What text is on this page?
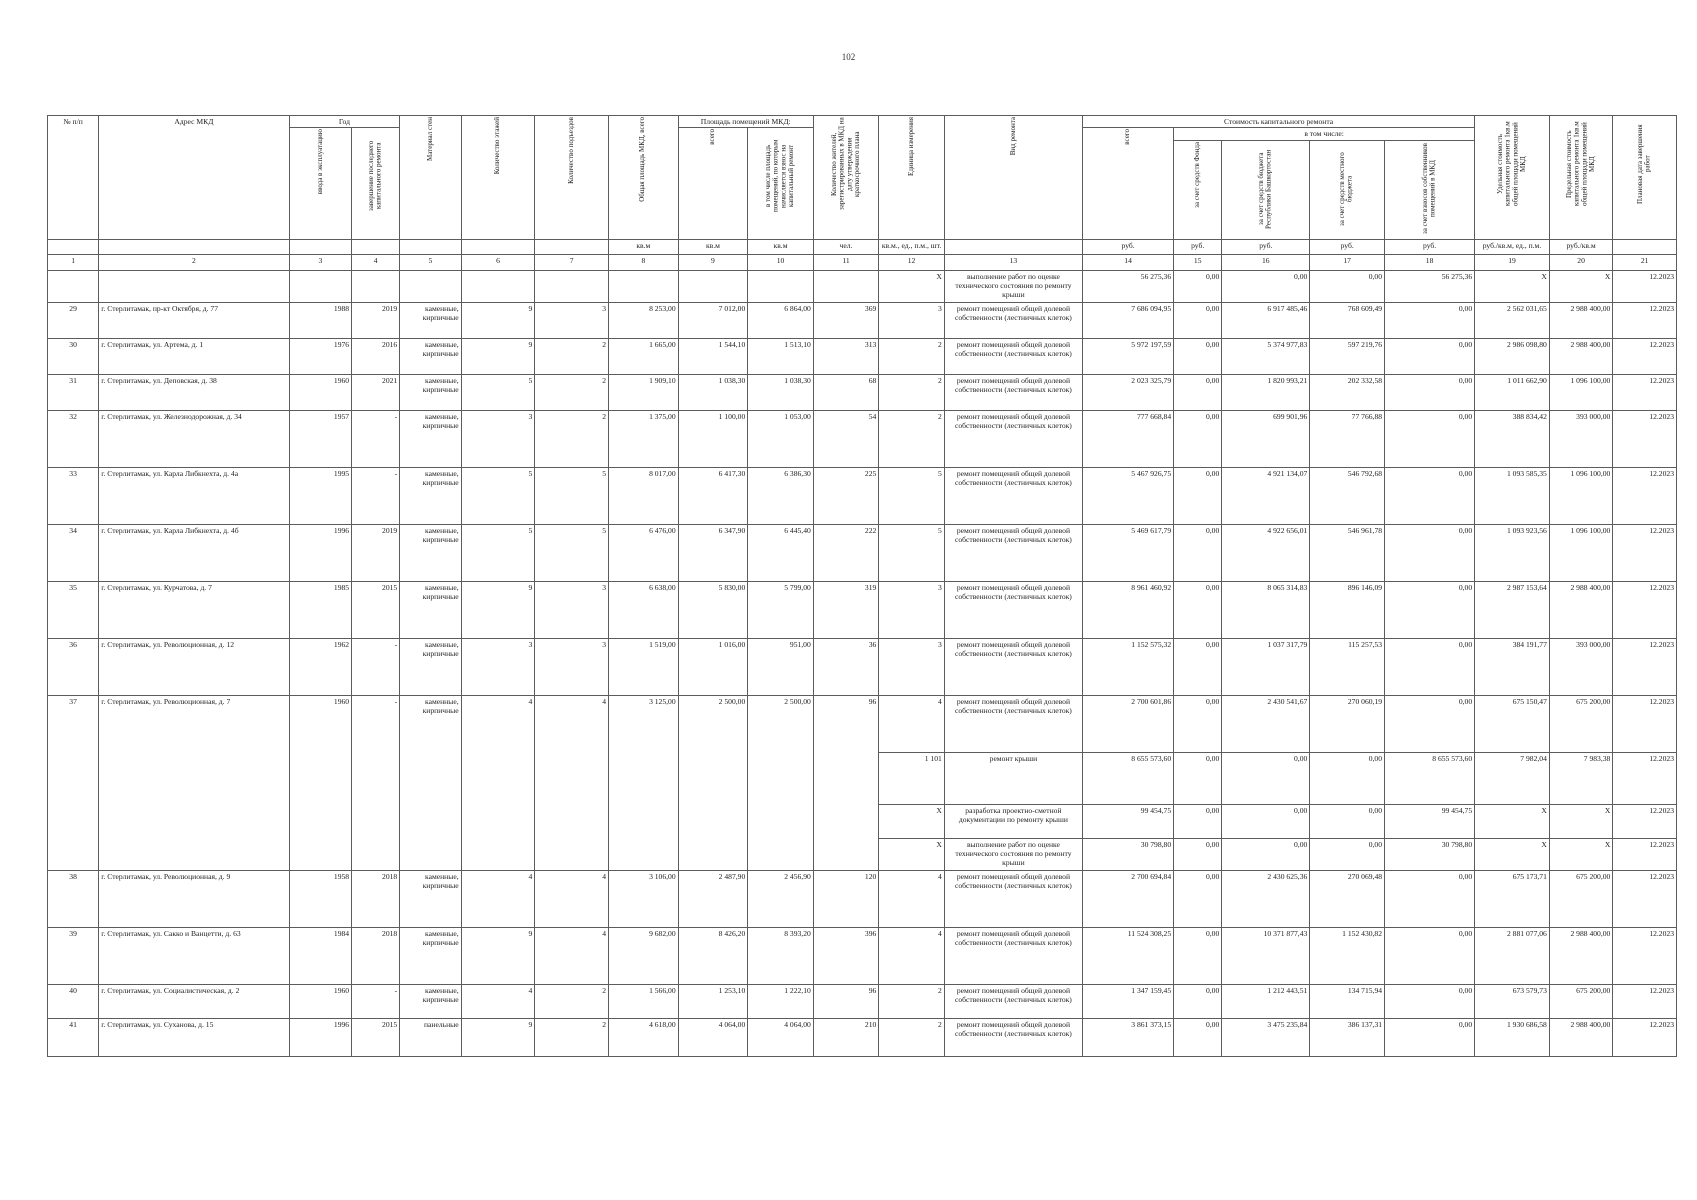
102
№ п/п	Адрес МКД	Год		Материал стен	Количество этажей	Количество подъездов	Общая площадь МКД, всего	Площадь помещений МКД:		Количество жителей, зарегистрированных в МКД на дату утверждения краткосрочного плана	Единица измерения	Вид ремонта	Стоимость капитального ремонта					Удельная стоимость капитального ремонта 1кв.м общей площади помещений МКД	Предельная стоимость капитального ремонта 1кв.м общей площади помещений МКД	Плановая дата завершения работ
		ввода в эксплуатацию	завершение последнего капитального ремонта					всего	в том числе площадь помещений, по которым начисляется взнос на капитальный ремонт				всего	в том числе:						
														за счет средств Фонда	за счет средств бюджета Республики Башкортостан	за счет средств местного бюджета	за счет взносов собственников помещений в МКД			
							кв.м	кв.м	кв.м	чел.	кв.м., ед., п.м., шт.		руб.	руб.	руб.	руб.	руб.	руб./кв.м, ед., п.м.	руб./кв.м	
1	2	3	4	5	6	7	8	9	10	11	12	13	14	15	16	17	18	19	20	21
											X	выполнение работ по оценке технического состояния по ремонту крыши	56 275,36	0,00	0,00	0,00	56 275,36	X	X	12.2023
29	г. Стерлитамак, пр-кт Октября, д. 77	1988	2019	каменные, кирпичные	9	3	8 253,00	7 012,00	6 864,00	369	3	ремонт помещений общей долевой собственности (лестничных клеток)	7 686 094,95	0,00	6 917 485,46	768 609,49	0,00	2 562 031,65	2 988 400,00	12.2023
30	г. Стерлитамак, ул. Артема, д. 1	1976	2016	каменные, кирпичные	9	2	1 665,00	1 544,10	1 513,10	313	2	ремонт помещений общей долевой собственности (лестничных клеток)	5 972 197,59	0,00	5 374 977,83	597 219,76	0,00	2 986 098,80	2 988 400,00	12.2023
31	г. Стерлитамак, ул. Деповская, д. 38	1960	2021	каменные, кирпичные	5	2	1 909,10	1 038,30	1 038,30	68	2	ремонт помещений общей долевой собственности (лестничных клеток)	2 023 325,79	0,00	1 820 993,21	202 332,58	0,00	1 011 662,90	1 096 100,00	12.2023
32	г. Стерлитамак, ул. Железнодорожная, д. 34	1957	-	каменные, кирпичные	3	2	1 375,00	1 100,00	1 053,00	54	2	ремонт помещений общей долевой собственности (лестничных клеток)	777 668,84	0,00	699 901,96	77 766,88	0,00	388 834,42	393 000,00	12.2023
33	г. Стерлитамак, ул. Карла Либкнехта, д. 4а	1995	-	каменные, кирпичные	5	5	8 017,00	6 417,30	6 386,30	225	5	ремонт помещений общей долевой собственности (лестничных клеток)	5 467 926,75	0,00	4 921 134,07	546 792,68	0,00	1 093 585,35	1 096 100,00	12.2023
34	г. Стерлитамак, ул. Карла Либкнехта, д. 4б	1996	2019	каменные, кирпичные	5	5	6 476,00	6 347,90	6 445,40	222	5	ремонт помещений общей долевой собственности (лестничных клеток)	5 469 617,79	0,00	4 922 656,01	546 961,78	0,00	1 093 923,56	1 096 100,00	12.2023
35	г. Стерлитамак, ул. Курчатова, д. 7	1985	2015	каменные, кирпичные	9	3	6 638,00	5 830,00	5 799,00	319	3	ремонт помещений общей долевой собственности (лестничных клеток)	8 961 460,92	0,00	8 065 314,83	896 146,09	0,00	2 987 153,64	2 988 400,00	12.2023
36	г. Стерлитамак, ул. Революционная, д. 12	1962	-	каменные, кирпичные	3	3	1 519,00	1 016,00	951,00	36	3	ремонт помещений общей долевой собственности (лестничных клеток)	1 152 575,32	0,00	1 037 317,79	115 257,53	0,00	384 191,77	393 000,00	12.2023
37	г. Стерлитамак, ул. Революционная, д. 7	1960	-	каменные, кирпичные	4	4	3 125,00	2 500,00	2 500,00	96	4	ремонт помещений общей долевой собственности (лестничных клеток)	2 700 601,86	0,00	2 430 541,67	270 060,19	0,00	675 150,47	675 200,00	12.2023
											1 101	ремонт крыши	8 655 573,60	0,00	0,00	0,00	8 655 573,60	7 982,04	7 983,38	12.2023
											X	разработка проектно-сметной документации по ремонту крыши	99 454,75	0,00	0,00	0,00	99 454,75	X	X	12.2023
											X	выполнение работ по оценке технического состояния по ремонту крыши	30 798,80	0,00	0,00	0,00	30 798,80	X	X	12.2023
38	г. Стерлитамак, ул. Революционная, д. 9	1958	2018	каменные, кирпичные	4	4	3 106,00	2 487,90	2 456,90	120	4	ремонт помещений общей долевой собственности (лестничных клеток)	2 700 694,84	0,00	2 430 625,36	270 069,48	0,00	675 173,71	675 200,00	12.2023
39	г. Стерлитамак, ул. Сакко и Ванцетти, д. 63	1984	2018	каменные, кирпичные	9	4	9 682,00	8 426,20	8 393,20	396	4	ремонт помещений общей долевой собственности (лестничных клеток)	11 524 308,25	0,00	10 371 877,43	1 152 430,82	0,00	2 881 077,06	2 988 400,00	12.2023
40	г. Стерлитамак, ул. Социалистическая, д. 2	1960	-	каменные, кирпичные	4	2	1 566,00	1 253,10	1 222,10	96	2	ремонт помещений общей долевой собственности (лестничных клеток)	1 347 159,45	0,00	1 212 443,51	134 715,94	0,00	673 579,73	675 200,00	12.2023
41	г. Стерлитамак, ул. Суханова, д. 15	1996	2015	панельные	9	2	4 618,00	4 064,00	4 064,00	210	2	ремонт помещений общей долевой собственности (лестничных клеток)	3 861 373,15	0,00	3 475 235,84	386 137,31	0,00	1 930 686,58	2 988 400,00	12.2023
